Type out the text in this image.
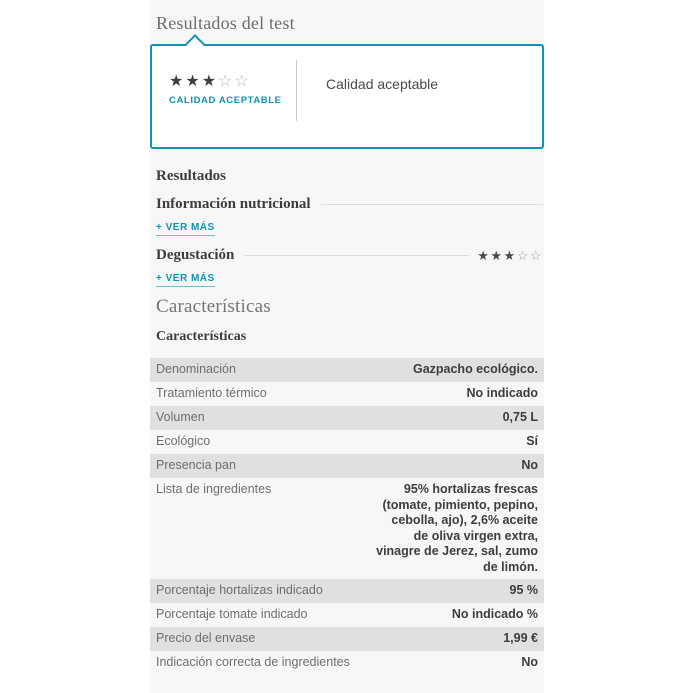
Resultados del test
★★★☆☆
CALIDAD ACEPTABLE
Calidad aceptable
Resultados
Información nutricional
+ VER MÁS

Degustación	★★★☆☆
+ VER MÁS
Características
Características
Denominación	Gazpacho ecológico.
Tratamiento térmico	No indicado
Volumen	0,75 L
Ecológico	Sí
Presencia pan	No
Lista de ingredientes	95% hortalizas frescas (tomate, pimiento, pepino, cebolla, ajo), 2,6% aceite de oliva virgen extra, vinagre de Jerez, sal, zumo de limón.
Porcentaje hortalizas indicado	95 %
Porcentaje tomate indicado	No indicado %
Precio del envase	1,99 €
Indicación correcta de ingredientes	No
